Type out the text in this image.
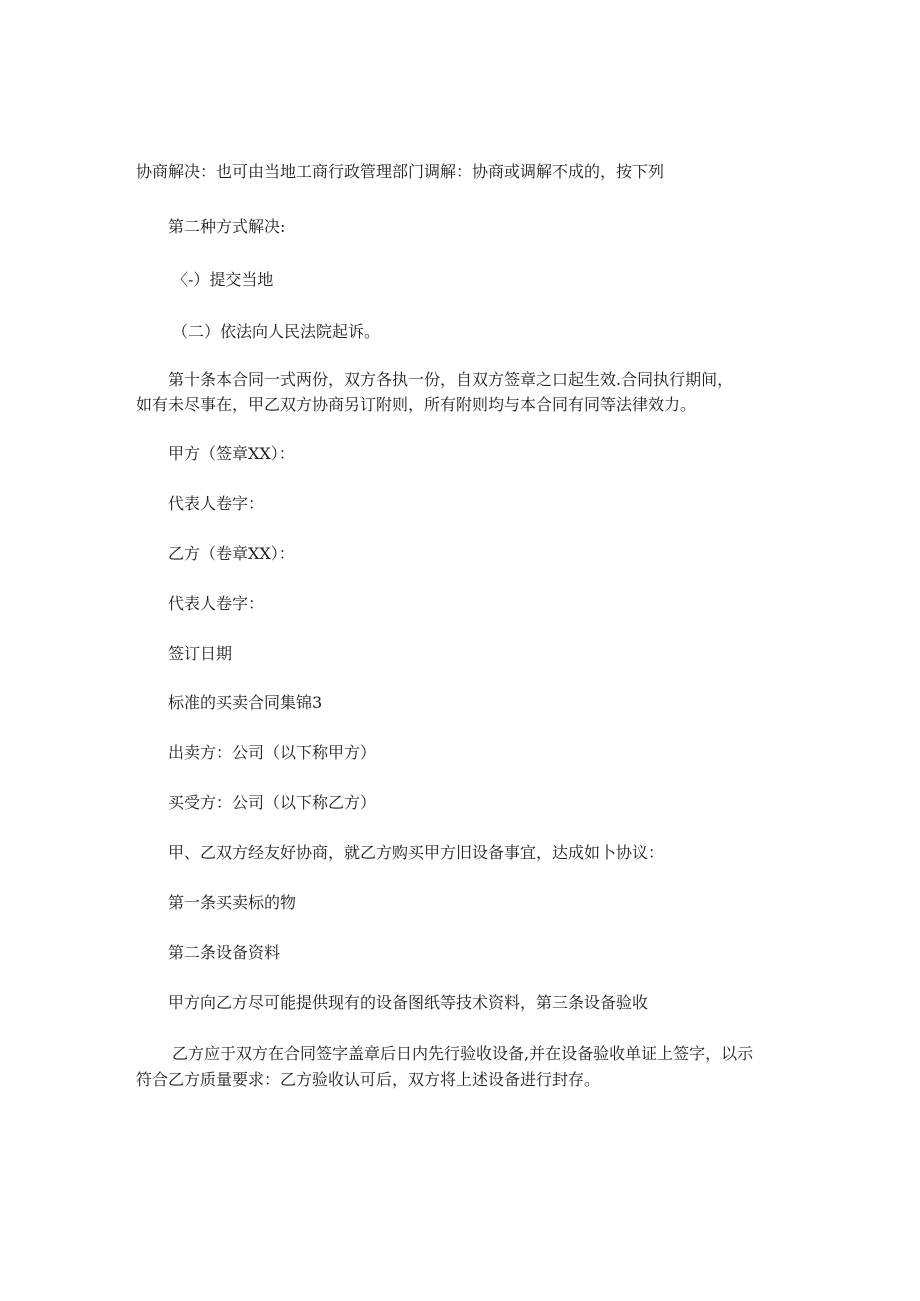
协商解决：也可由当地工商行政管理部门调解：协商或调解不成的，按下列
第二种方式解决:
〈-）提交当地
（二）依法向人民法院起诉。
第十条本合同一式两份，双方各执一份，自双方签章之口起生效.合同执行期间，
如有未尽事在，甲乙双方协商另订附则，所有附则均与本合同有同等法律效力。
甲方（签章XX）：
代表人卷字：
乙方（卷章XX）：
代表人卷字：
签订日期
标准的买卖合同集锦3
出卖方：公司（以下称甲方）
买受方：公司（以下称乙方）
甲、乙双方经友好协商，就乙方购买甲方旧设备事宜，达成如卜协议：
第一条买卖标的物
第二条设备资料
甲方向乙方尽可能提供现有的设备图纸等技术资料，第三条设备验收
乙方应于双方在合同签字盖章后日内先行验收设备,并在设备验收单证上签字，以示
符合乙方质量要求：乙方验收认可后，双方将上述设备进行封存。
